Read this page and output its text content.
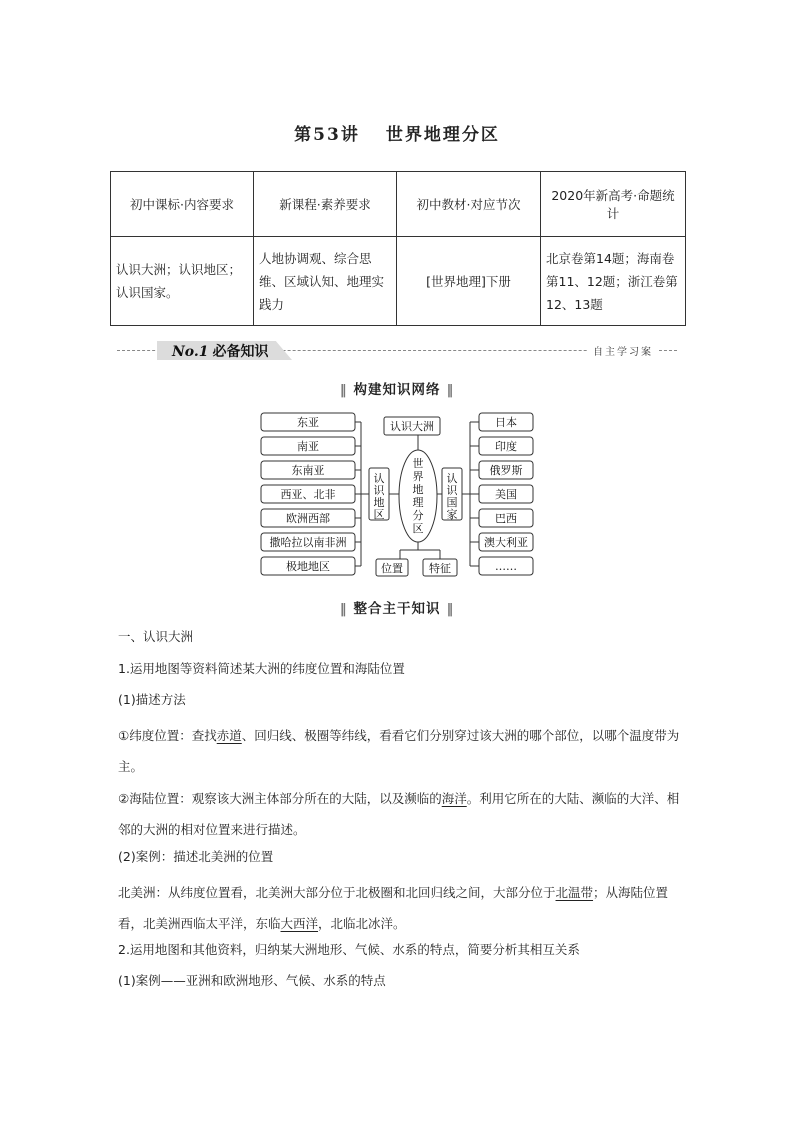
第53讲 世界地理分区
初中课标·内容要求	新课程·素养要求	初中教材·对应节次	2020年新高考·命题统计
认识大洲；认识地区；认识国家。	人地协调观、综合思维、区域认知、地理实践力	[世界地理]下册	北京卷第14题；海南卷第11、12题；浙江卷第12、13题
No.1 必备知识	自主学习案
‖ 构建知识网络 ‖
东亚
南亚
东南亚
西亚、北非
欧洲西部
撒哈拉以南非洲
极地地区
日本
印度
俄罗斯
美国
巴西
澳大利亚
……
认识大洲
位置 特征
认识地区
认识国家
世界地理分区
‖ 整合主干知识 ‖
一、认识大洲
1.运用地图等资料简述某大洲的纬度位置和海陆位置
(1)描述方法
①纬度位置：查找赤道、回归线、极圈等纬线，看看它们分别穿过该大洲的哪个部位，以哪个温度带为主。
②海陆位置：观察该大洲主体部分所在的大陆，以及濒临的海洋。利用它所在的大陆、濒临的大洋、相邻的大洲的相对位置来进行描述。
(2)案例：描述北美洲的位置
北美洲：从纬度位置看，北美洲大部分位于北极圈和北回归线之间，大部分位于北温带；从海陆位置看，北美洲西临太平洋，东临大西洋，北临北冰洋。
2.运用地图和其他资料，归纳某大洲地形、气候、水系的特点，简要分析其相互关系
(1)案例——亚洲和欧洲地形、气候、水系的特点
